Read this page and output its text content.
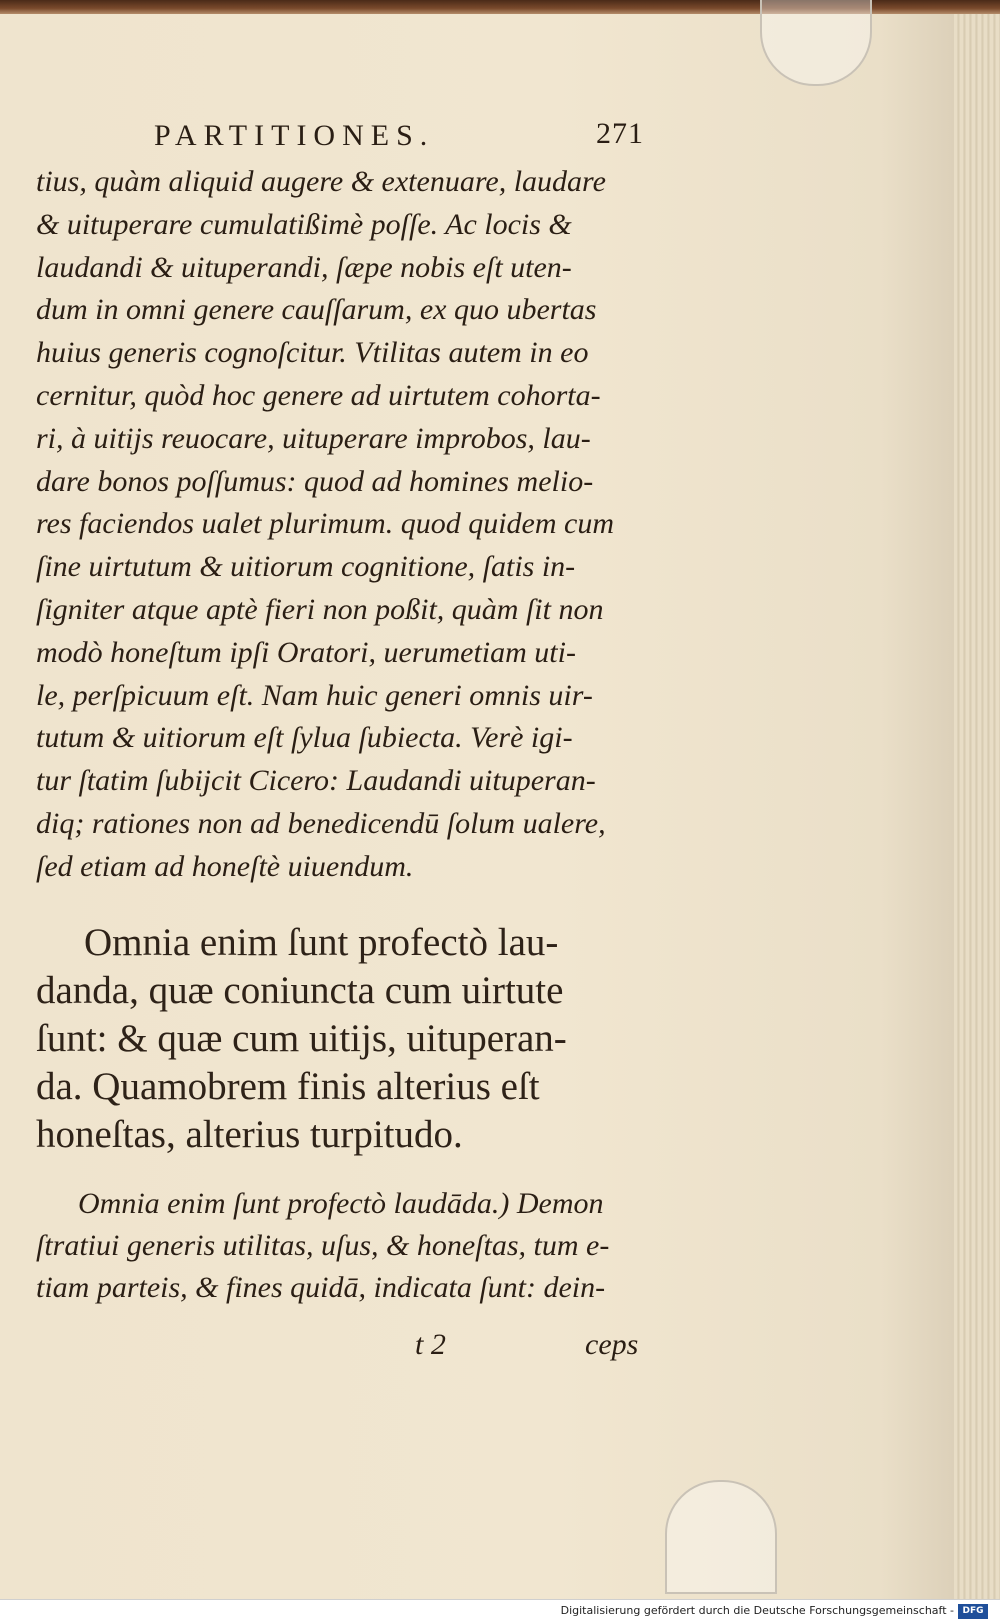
PARTITIONES.	271
tius, quàm aliquid augere & extenuare, laudare
& uituperare cumulatißimè poſſe. Ac locis &
laudandi & uituperandi, ſæpe nobis eſt uten-
dum in omni genere cauſſarum, ex quo ubertas
huius generis cognoſcitur. Vtilitas autem in eo
cernitur, quòd hoc genere ad uirtutem cohorta-
ri, à uitijs reuocare, uituperare improbos, lau-
dare bonos poſſumus: quod ad homines melio-
res faciendos ualet plurimum. quod quidem cum
ſine uirtutum & uitiorum cognitione, ſatis in-
ſigniter atque aptè fieri non poßit, quàm ſit non
modò honeſtum ipſi Oratori, uerumetiam uti-
le, perſpicuum eſt. Nam huic generi omnis uir-
tutum & uitiorum eſt ſylua ſubiecta. Verè igi-
tur ſtatim ſubijcit Cicero: Laudandi uituperan-
diq; rationes non ad benedicendū ſolum ualere,
ſed etiam ad honeſtè uiuendum.
Omnia enim ſunt profectò lau-
danda, quæ coniuncta cum uirtute
ſunt: & quæ cum uitijs, uituperan-
da. Quamobrem finis alterius eſt
honeſtas, alterius turpitudo.
Omnia enim ſunt profectò laudāda.) Demon
ſtratiui generis utilitas, uſus, & honeſtas, tum e-
tiam parteis, & fines quidā, indicata ſunt: dein-
t 2	ceps
Digitalisierung gefördert durch die Deutsche Forschungsgemeinschaft - DFG
